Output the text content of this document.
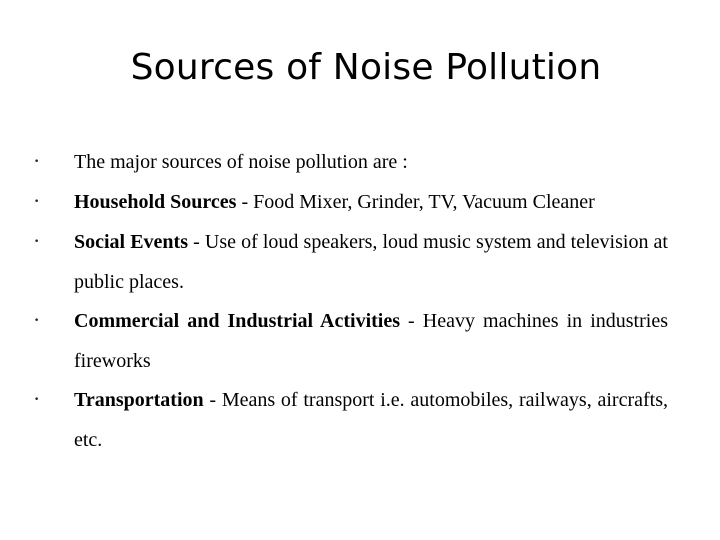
Sources of Noise Pollution
• The major sources of noise pollution are :
• Household Sources - Food Mixer, Grinder, TV, Vacuum Cleaner
• Social Events - Use of loud speakers, loud music system and television at public places.
• Commercial and Industrial Activities - Heavy machines in industries fireworks
• Transportation - Means of transport i.e. automobiles, railways, aircrafts, etc.
